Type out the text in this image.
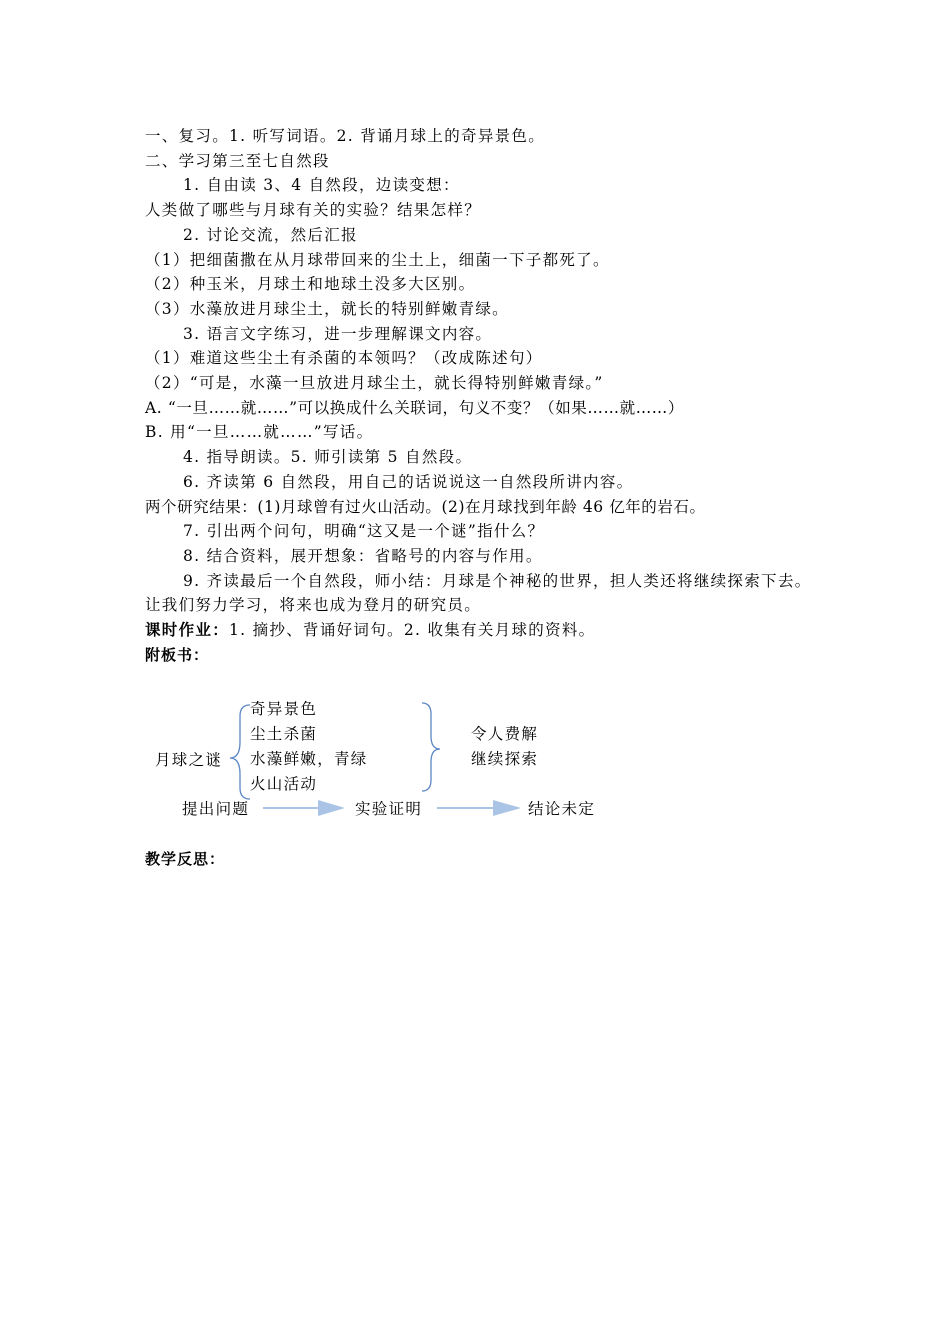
一、复习。1. 听写词语。2. 背诵月球上的奇异景色。
二、学习第三至七自然段
1. 自由读 3、4 自然段，边读变想：
人类做了哪些与月球有关的实验？结果怎样？
2. 讨论交流，然后汇报
（1）把细菌撒在从月球带回来的尘土上，细菌一下子都死了。
（2）种玉米，月球土和地球土没多大区别。
（3）水藻放进月球尘土，就长的特别鲜嫩青绿。
3. 语言文字练习，进一步理解课文内容。
（1）难道这些尘土有杀菌的本领吗？（改成陈述句）
（2）“可是，水藻一旦放进月球尘土，就长得特别鲜嫩青绿。”
A. “一旦……就……”可以换成什么关联词，句义不变？（如果……就……）
B. 用“一旦……就……”写话。
4. 指导朗读。5. 师引读第 5 自然段。
6. 齐读第 6 自然段，用自己的话说说这一自然段所讲内容。
两个研究结果：(1)月球曾有过火山活动。(2)在月球找到年龄 46 亿年的岩石。
7. 引出两个问句，明确“这又是一个谜”指什么？
8. 结合资料，展开想象：省略号的内容与作用。
9. 齐读最后一个自然段，师小结：月球是个神秘的世界，担人类还将继续探索下去。让我们努力学习，将来也成为登月的研究员。
课时作业：1. 摘抄、背诵好词句。2. 收集有关月球的资料。
附板书：
月球之谜
奇异景色
尘土杀菌
水藻鲜嫩，青绿
火山活动
令人费解
继续探索
提出问题	实验证明	结论未定
教学反思：
